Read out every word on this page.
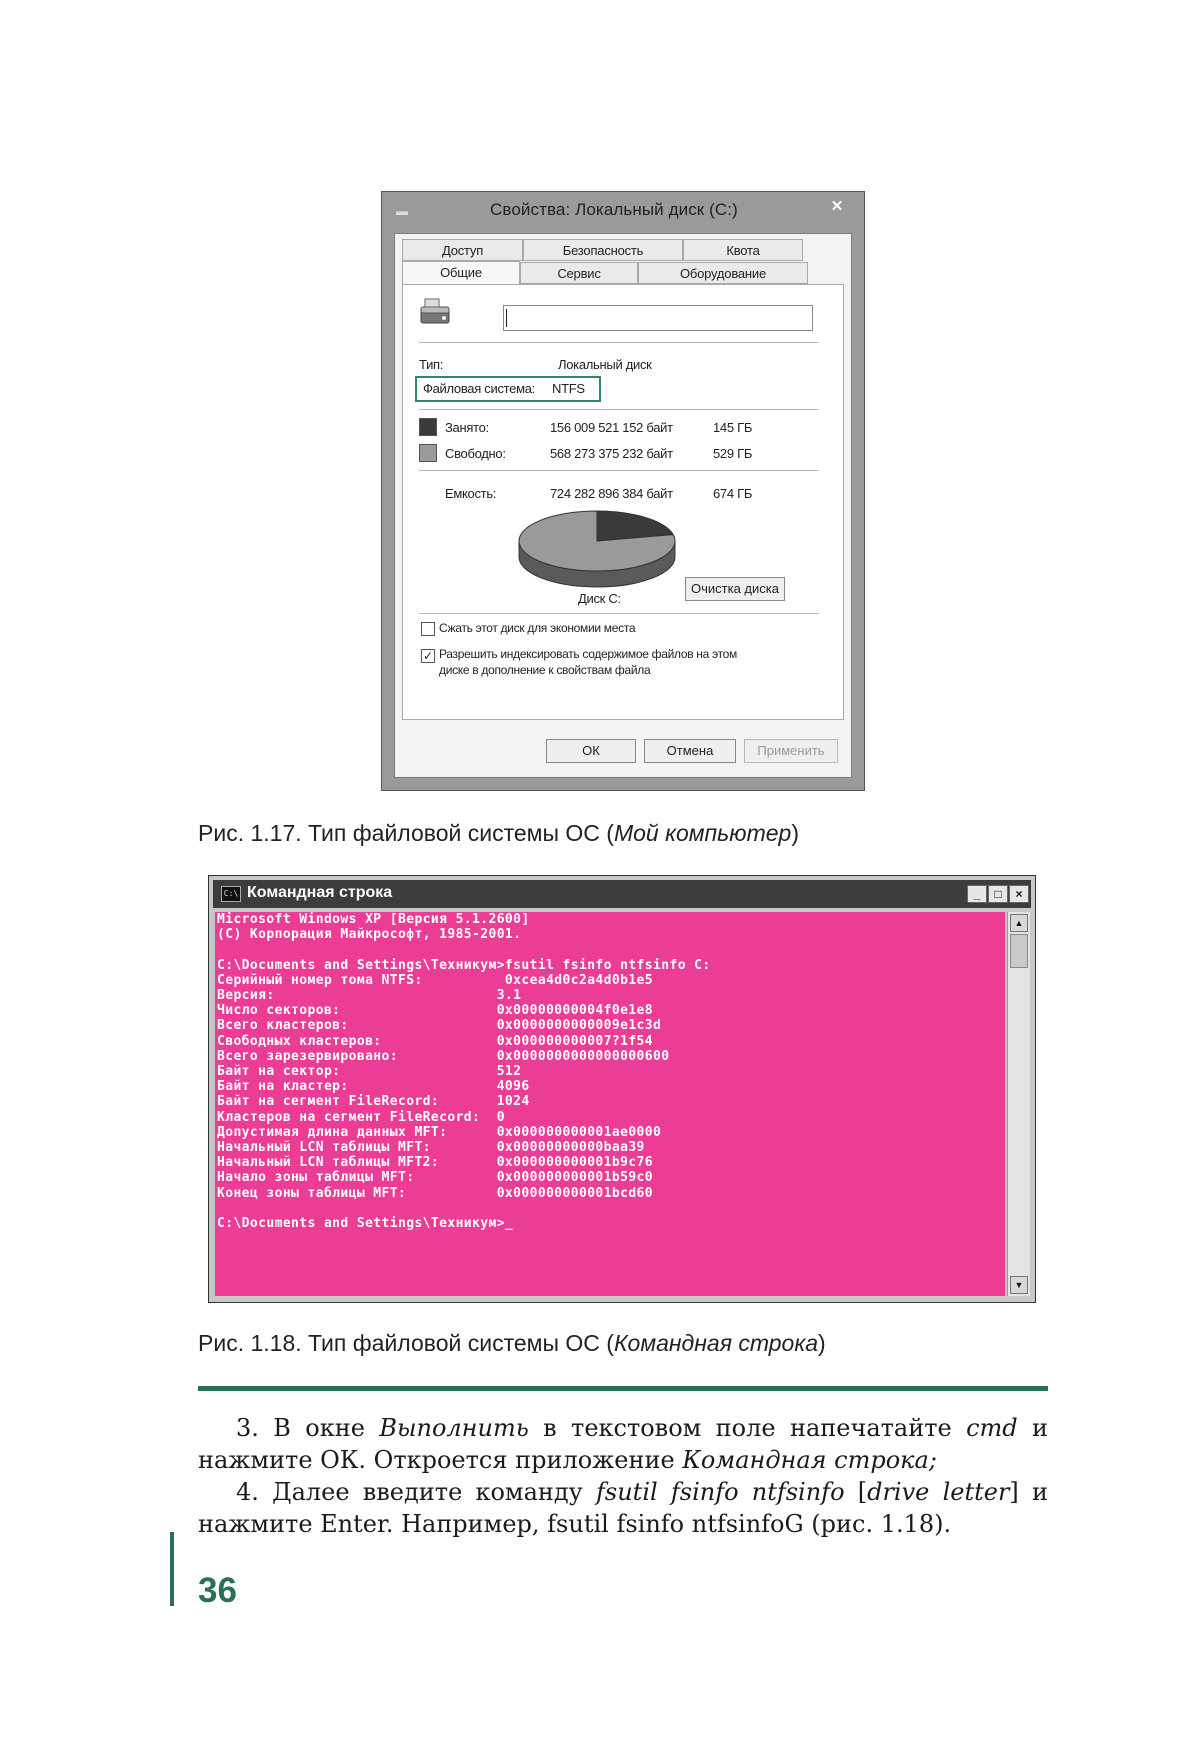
▬	Свойства: Локальный диск (С:)	✕
Доступ	Безопасность	Квота
Общие	Сервис	Оборудование
Тип:	Локальный диск
Файловая система: NTFS
Занято:	156 009 521 152 байт	145 ГБ
Свободно:	568 273 375 232 байт	529 ГБ
Емкость:	724 282 896 384 байт	674 ГБ
Диск С:
Очистка диска
Сжать этот диск для экономии места
✓ Разрешить индексировать содержимое файлов на этом
диске в дополнение к свойствам файла
ОК	Отмена	Применить
Рис. 1.17. Тип файловой системы ОС (Мой компьютер)
C:\ Командная строка	_	□	×
Microsoft Windows XP [Версия 5.1.2600]
(С) Корпорация Майкрософт, 1985-2001.

C:\Documents and Settings\Техникум>fsutil fsinfo ntfsinfo C:
Серийный номер тома NTFS:          0xcea4d0c2a4d0b1e5
Версия:                           3.1
Число секторов:                   0x00000000004f0e1e8
Всего кластеров:                  0x0000000000009e1c3d
Свободных кластеров:              0x000000000007?1f54
Всего зарезервировано:            0x0000000000000000600
Байт на сектор:                   512
Байт на кластер:                  4096
Байт на сегмент FileRecord:       1024
Кластеров на сегмент FileRecord:  0
Допустимая длина данных MFT:      0x000000000001ae0000
Начальный LCN таблицы MFT:        0x00000000000baa39
Начальный LCN таблицы MFT2:       0x000000000001b9c76
Начало зоны таблицы MFT:          0x000000000001b59c0
Конец зоны таблицы MFT:           0x000000000001bcd60

C:\Documents and Settings\Техникум>_
▲
▼
Рис. 1.18. Тип файловой системы ОС (Командная строка)
3. В окне Выполнить в текстовом поле напечатайте cmd и нажмите ОК. Откроется приложение Командная строка;
4. Далее введите команду fsutil fsinfo ntfsinfo [drive letter] и нажмите Enter. Например, fsutil fsinfo ntfsinfoG (рис. 1.18).
36
